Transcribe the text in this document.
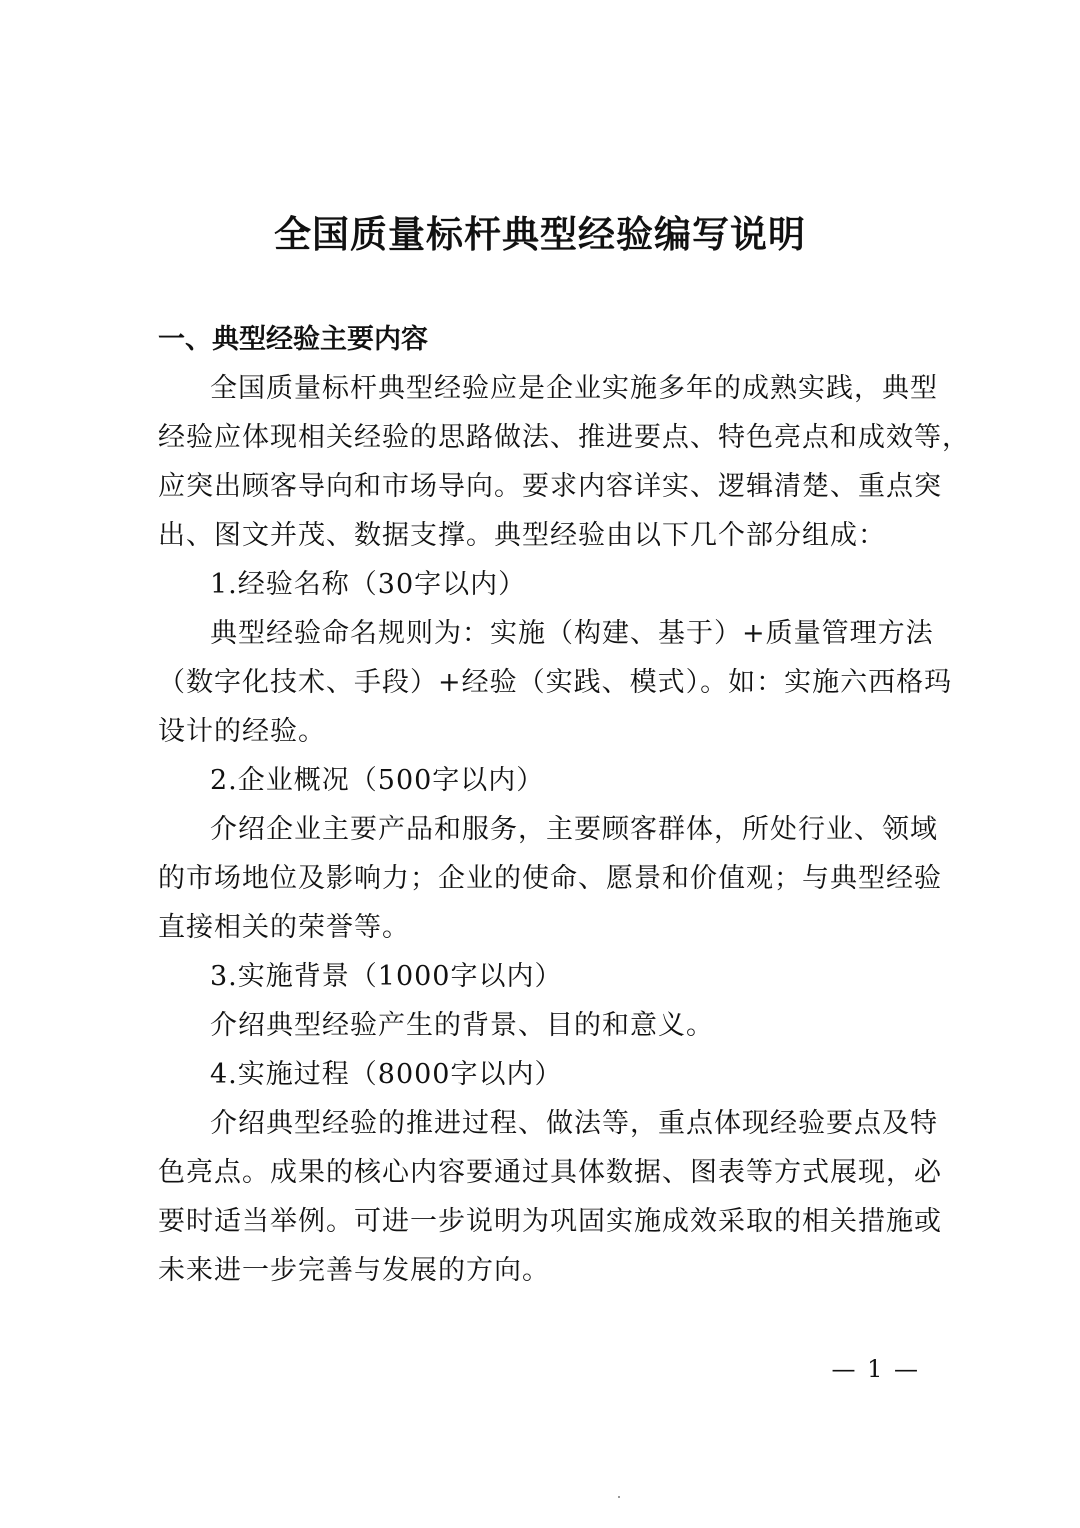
全国质量标杆典型经验编写说明
一、典型经验主要内容
全国质量标杆典型经验应是企业实施多年的成熟实践，典型
经验应体现相关经验的思路做法、推进要点、特色亮点和成效等，
应突出顾客导向和市场导向。要求内容详实、逻辑清楚、重点突
出、图文并茂、数据支撑。典型经验由以下几个部分组成：
1.经验名称（30字以内）
典型经验命名规则为：实施（构建、基于）+质量管理方法
（数字化技术、手段）+经验（实践、模式）。如：实施六西格玛
设计的经验。
2.企业概况（500字以内）
介绍企业主要产品和服务，主要顾客群体，所处行业、领域
的市场地位及影响力；企业的使命、愿景和价值观；与典型经验
直接相关的荣誉等。
3.实施背景（1000字以内）
介绍典型经验产生的背景、目的和意义。
4.实施过程（8000字以内）
介绍典型经验的推进过程、做法等，重点体现经验要点及特
色亮点。成果的核心内容要通过具体数据、图表等方式展现，必
要时适当举例。可进一步说明为巩固实施成效采取的相关措施或
未来进一步完善与发展的方向。
— 1 —
